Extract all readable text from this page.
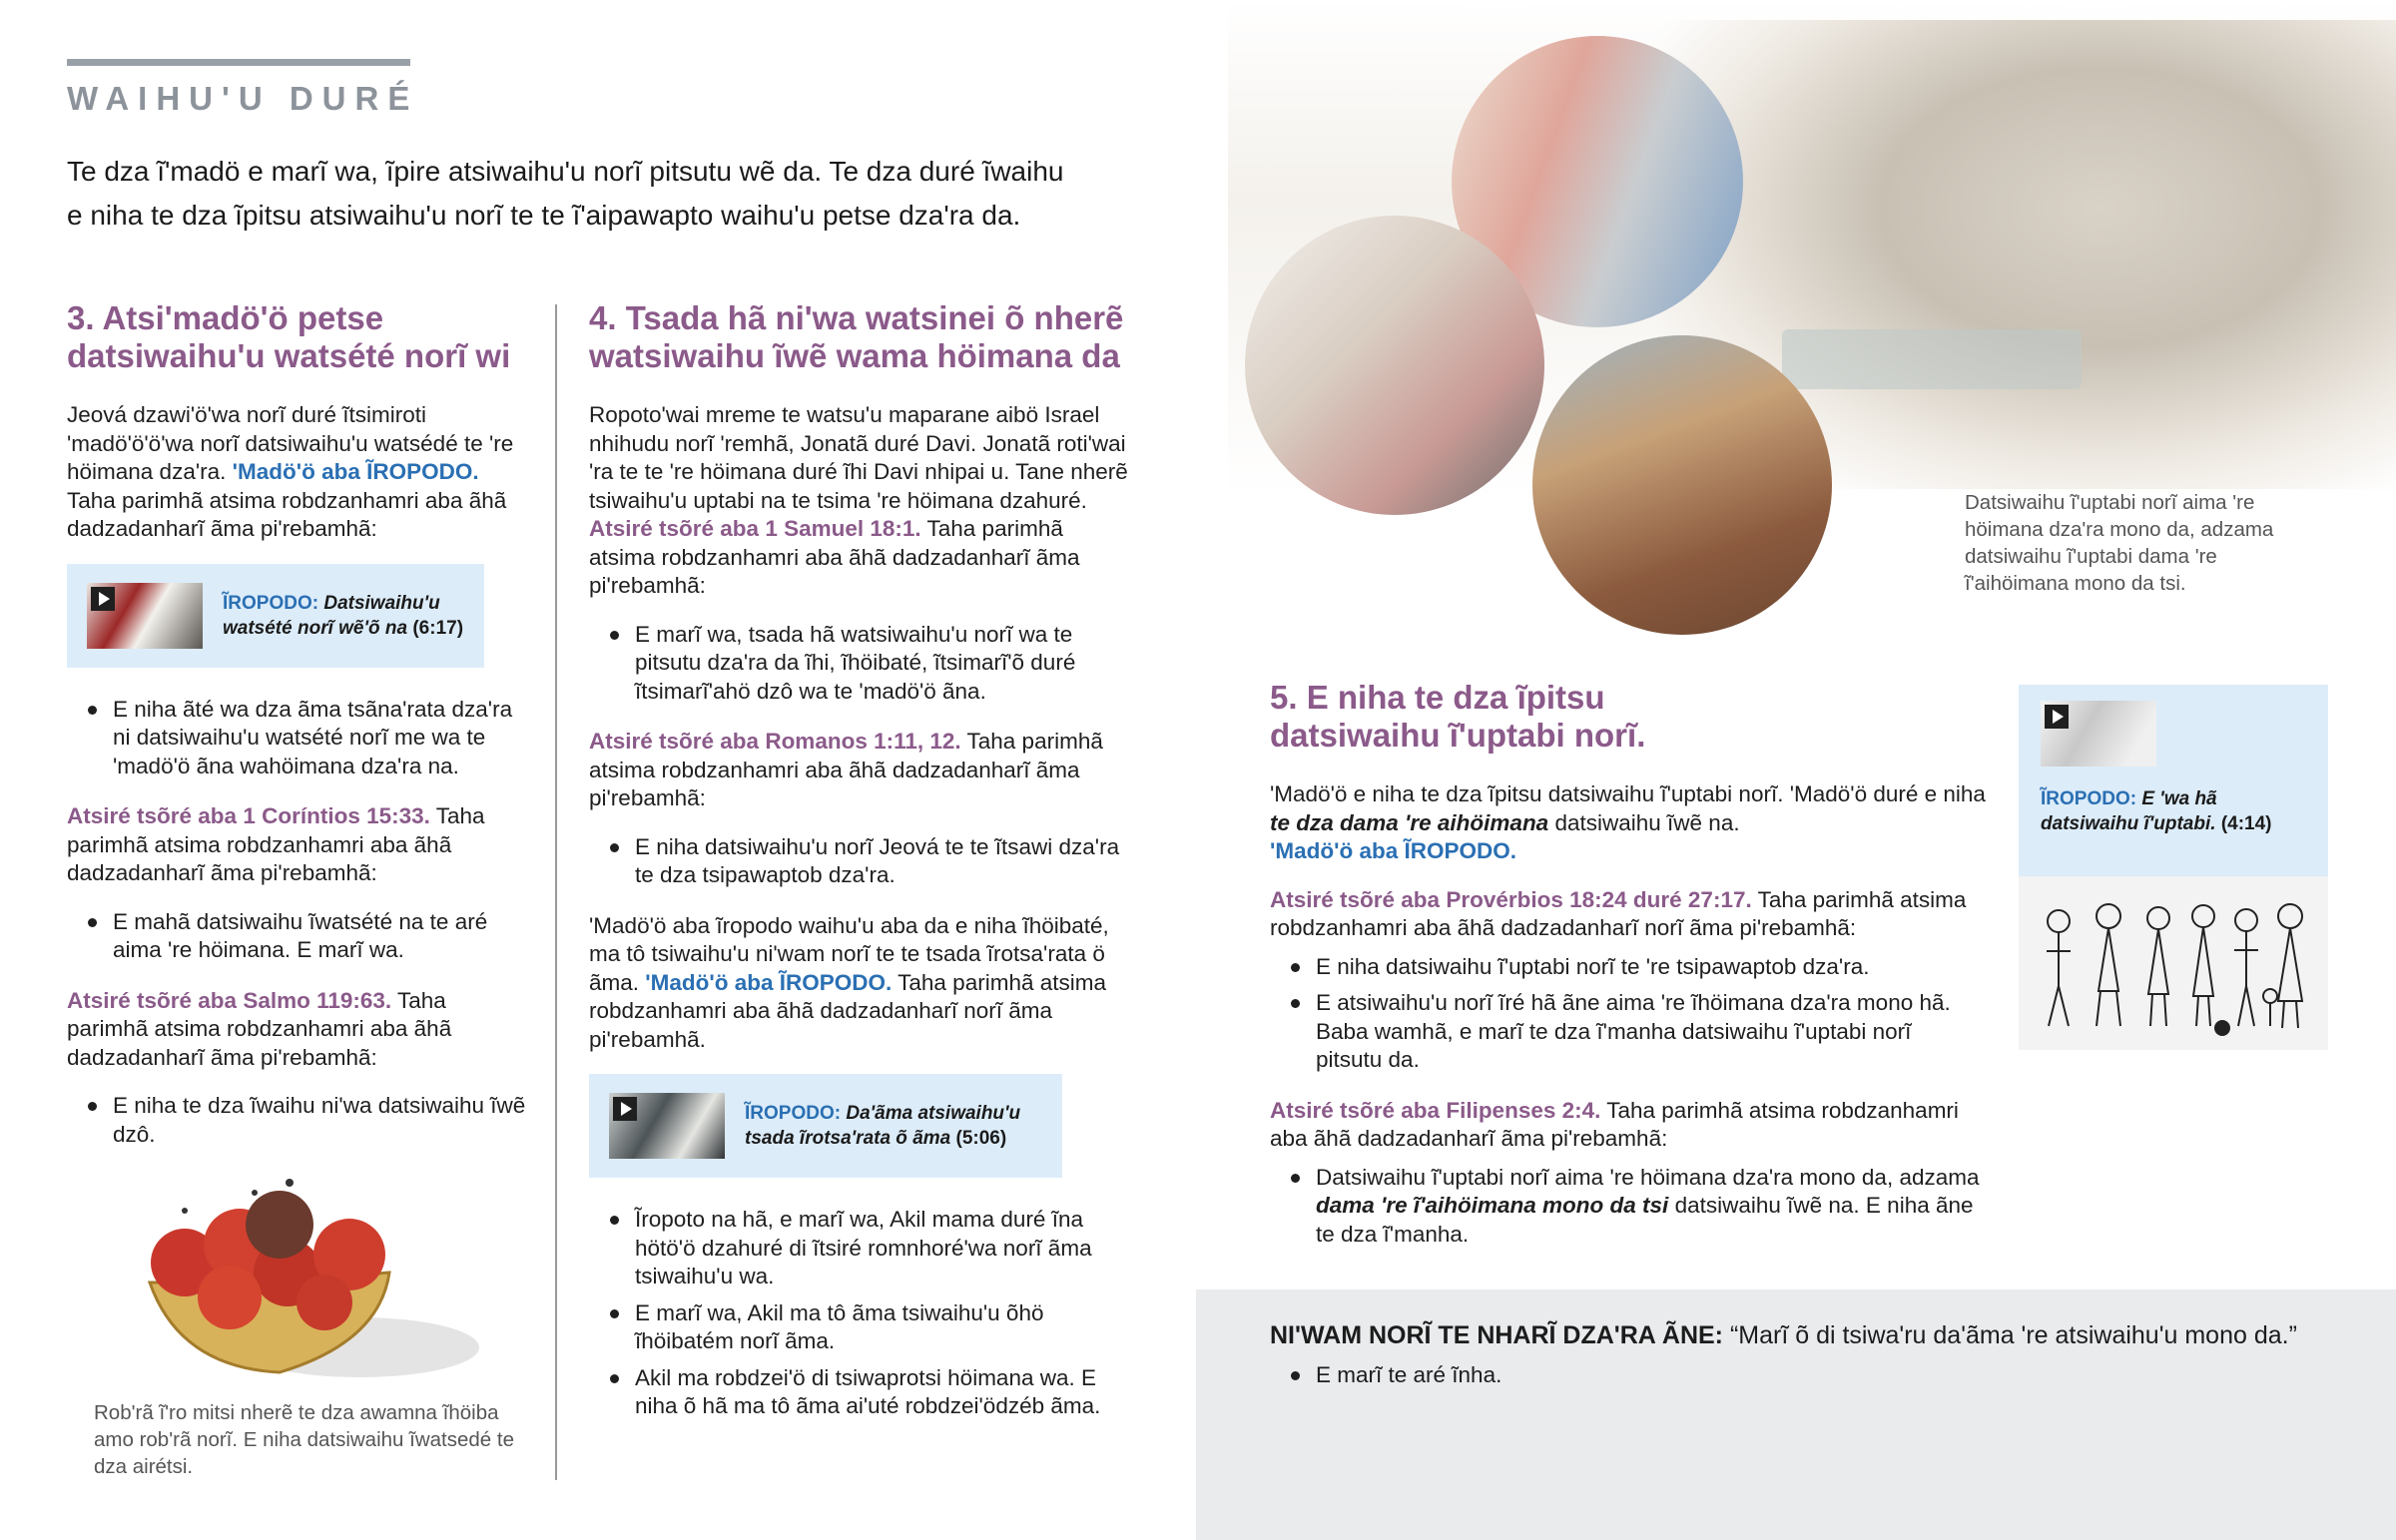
WAIHU'U DURÉ
Te dza ĩ'madö e marĩ wa, ĩpire atsiwaihu'u norĩ pitsutu wẽ da. Te dza duré ĩwaihu
e niha te dza ĩpitsu atsiwaihu'u norĩ te te ĩ'aipawapto waihu'u petse dza'ra da.
3. Atsi'madö'ö petse datsiwaihu'u watsété norĩ wi

Jeová dzawi'ö'wa norĩ duré ĩtsimiroti 'madö'ö'ö'wa norĩ datsiwaihu'u watsédé te 're höimana dza'ra. 'Madö'ö aba ĨROPODO. Taha parimhã atsima robdzanhamri aba ãhã dadzadanharĩ ãma pi'rebamhã:

ĨROPODO: Datsiwaihu'u watsété norĩ wẽ'õ na (6:17)
E niha ãté wa dza ãma tsãna'rata dza'ra ni datsiwaihu'u watsété norĩ me wa te 'madö'ö ãna wahöimana dza'ra na.

Atsiré tsõré aba 1 Coríntios 15:33. Taha parimhã atsima robdzanhamri aba ãhã dadzadanharĩ ãma pi'rebamhã:

E mahã datsiwaihu ĩwatsété na te aré aima 're höimana. E marĩ wa.

Atsiré tsõré aba Salmo 119:63. Taha parimhã atsima robdzanhamri aba ãhã dadzadanharĩ ãma pi'rebamhã:

E niha te dza ĩwaihu ni'wa datsiwaihu ĩwẽ dzô.
Rob'rã ĩ'ro mitsi nherẽ te dza awamna ĩhöiba amo rob'rã norĩ. E niha datsiwaihu ĩwatsedé te dza airétsi.
4. Tsada hã ni'wa watsinei õ nherẽ watsiwaihu ĩwẽ wama höimana da

Ropoto'wai mreme te watsu'u maparane aibö Israel nhihudu norĩ 'remhã, Jonatã duré Davi. Jonatã roti'wai 'ra te te 're höimana duré ĩhi Davi nhipai u. Tane nherẽ tsiwaihu'u uptabi na te tsima 're höimana dzahuré. Atsiré tsõré aba 1 Samuel 18:1. Taha parimhã atsima robdzanhamri aba ãhã dadzadanharĩ ãma pi'rebamhã:

E marĩ wa, tsada hã watsiwaihu'u norĩ wa te pitsutu dza'ra da ĩhi, ĩhöibaté, ĩtsimarĩ'õ duré ĩtsimarĩ'ahö dzô wa te 'madö'ö ãna.

Atsiré tsõré aba Romanos 1:11, 12. Taha parimhã atsima robdzanhamri aba ãhã dadzadanharĩ ãma pi'rebamhã:

E niha datsiwaihu'u norĩ Jeová te te ĩtsawi dza'ra te dza tsipawaptob dza'ra.

'Madö'ö aba ĩropodo waihu'u aba da e niha ĩhöibaté, ma tô tsiwaihu'u ni'wam norĩ te te tsada ĩrotsa'rata ö ãma. 'Madö'ö aba ĨROPODO. Taha parimhã atsima robdzanhamri aba ãhã dadzadanharĩ norĩ ãma pi'rebamhã.

ĨROPODO: Da'ãma atsiwaihu'u tsada ĩrotsa'rata õ ãma (5:06)
Ĩropoto na hã, e marĩ wa, Akil mama duré ĩna hötö'ö dzahuré di ĩtsiré romnhoré'wa norĩ ãma tsiwaihu'u wa.
E marĩ wa, Akil ma tô ãma tsiwaihu'u õhö ĩhöibatém norĩ ãma.
Akil ma robdzei'ö di tsiwaprotsi höimana wa. E niha õ hã ma tô ãma ai'uté robdzei'ödzéb ãma.
Datsiwaihu ĩ'uptabi norĩ aima 're höimana dza'ra mono da, adzama datsiwaihu ĩ'uptabi dama 're ĩ'aihöimana mono da tsi.
5. E niha te dza ĩpitsu datsiwaihu ĩ'uptabi norĩ.

'Madö'ö e niha te dza ĩpitsu datsiwaihu ĩ'uptabi norĩ. 'Madö'ö duré e niha te dza dama 're aihöimana datsiwaihu ĩwẽ na.
'Madö'ö aba ĨROPODO.

Atsiré tsõré aba Provérbios 18:24 duré 27:17. Taha parimhã atsima robdzanhamri aba ãhã dadzadanharĩ norĩ ãma pi'rebamhã:

E niha datsiwaihu ĩ'uptabi norĩ te 're tsipawaptob dza'ra.
E atsiwaihu'u norĩ ĩré hã ãne aima 're ĩhöimana dza'ra mono hã. Baba wamhã, e marĩ te dza ĩ'manha datsiwaihu ĩ'uptabi norĩ pitsutu da.

Atsiré tsõré aba Filipenses 2:4. Taha parimhã atsima robdzanhamri aba ãhã dadzadanharĩ ãma pi'rebamhã:

Datsiwaihu ĩ'uptabi norĩ aima 're höimana dza'ra mono da, adzama dama 're ĩ'aihöimana mono da tsi datsiwaihu ĩwẽ na. E niha ãne te dza ĩ'manha.
ĨROPODO: E 'wa hã datsiwaihu ĩ'uptabi. (4:14)
NI'WAM NORĨ TE NHARĨ DZA'RA ÃNE: “Marĩ õ di tsiwa'ru da'ãma 're atsiwaihu'u mono da.”
E marĩ te aré ĩnha.
